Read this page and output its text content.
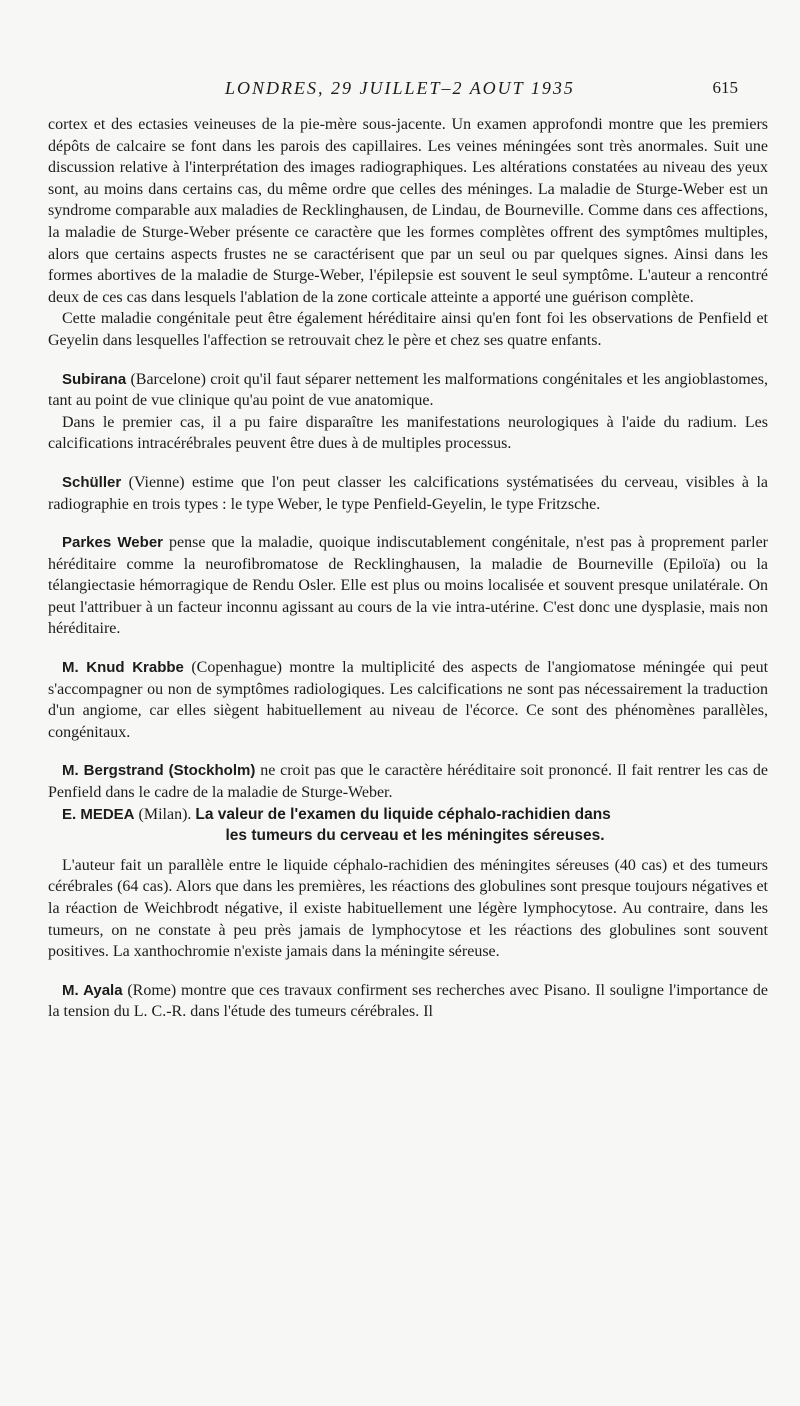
LONDRES, 29 JUILLET–2 AOUT 1935	615

cortex et des ectasies veineuses de la pie-mère sous-jacente. Un examen approfondi montre que les premiers dépôts de calcaire se font dans les parois des capillaires. Les veines méningées sont très anormales. Suit une discussion relative à l'interprétation des images radiographiques. Les altérations constatées au niveau des yeux sont, au moins dans certains cas, du même ordre que celles des méninges. La maladie de Sturge-Weber est un syndrome comparable aux maladies de Recklinghausen, de Lindau, de Bourneville. Comme dans ces affections, la maladie de Sturge-Weber présente ce caractère que les formes complètes offrent des symptômes multiples, alors que certains aspects frustes ne se caractérisent que par un seul ou par quelques signes. Ainsi dans les formes abortives de la maladie de Sturge-Weber, l'épilepsie est souvent le seul symptôme. L'auteur a rencontré deux de ces cas dans lesquels l'ablation de la zone corticale atteinte a apporté une guérison complète.

Cette maladie congénitale peut être également héréditaire ainsi qu'en font foi les observations de Penfield et Geyelin dans lesquelles l'affection se retrouvait chez le père et chez ses quatre enfants.

Subirana (Barcelone) croit qu'il faut séparer nettement les malformations congénitales et les angioblastomes, tant au point de vue clinique qu'au point de vue anatomique.

Dans le premier cas, il a pu faire disparaître les manifestations neurologiques à l'aide du radium. Les calcifications intracérébrales peuvent être dues à de multiples processus.

Schüller (Vienne) estime que l'on peut classer les calcifications systématisées du cerveau, visibles à la radiographie en trois types : le type Weber, le type Penfield-Geyelin, le type Fritzsche.

Parkes Weber pense que la maladie, quoique indiscutablement congénitale, n'est pas à proprement parler héréditaire comme la neurofibromatose de Recklinghausen, la maladie de Bourneville (Epiloïa) ou la télangiectasie hémorragique de Rendu Osler. Elle est plus ou moins localisée et souvent presque unilatérale. On peut l'attribuer à un facteur inconnu agissant au cours de la vie intra-utérine. C'est donc une dysplasie, mais non héréditaire.

M. Knud Krabbe (Copenhague) montre la multiplicité des aspects de l'angiomatose méningée qui peut s'accompagner ou non de symptômes radiologiques. Les calcifications ne sont pas nécessairement la traduction d'un angiome, car elles siègent habituellement au niveau de l'écorce. Ce sont des phénomènes parallèles, congénitaux.

M. Bergstrand (Stockholm) ne croit pas que le caractère héréditaire soit prononcé. Il fait rentrer les cas de Penfield dans le cadre de la maladie de Sturge-Weber.

E. MEDEA (Milan). La valeur de l'examen du liquide céphalo-rachidien dans
les tumeurs du cerveau et les méningites séreuses.

L'auteur fait un parallèle entre le liquide céphalo-rachidien des méningites séreuses (40 cas) et des tumeurs cérébrales (64 cas). Alors que dans les premières, les réactions des globulines sont presque toujours négatives et la réaction de Weichbrodt négative, il existe habituellement une légère lymphocytose. Au contraire, dans les tumeurs, on ne constate à peu près jamais de lymphocytose et les réactions des globulines sont souvent positives. La xanthochromie n'existe jamais dans la méningite séreuse.

M. Ayala (Rome) montre que ces travaux confirment ses recherches avec Pisano. Il souligne l'importance de la tension du L. C.-R. dans l'étude des tumeurs cérébrales. Il
